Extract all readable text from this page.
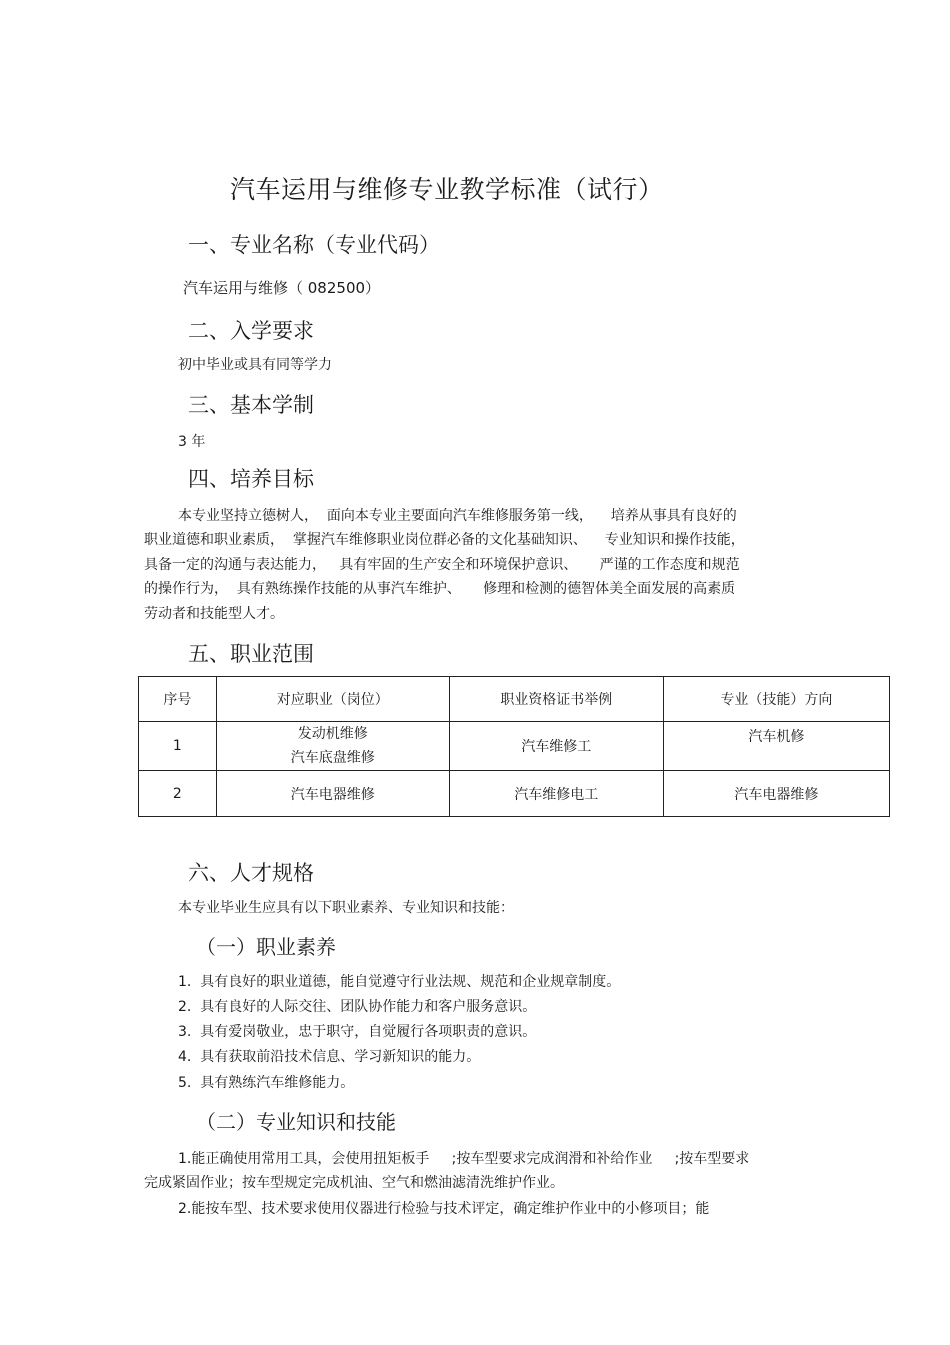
汽车运用与维修专业教学标准（试行）
一、专业名称（专业代码）
汽车运用与维修（ 082500）
二、入学要求
初中毕业或具有同等学力
三、基本学制
3 年
四、培养目标
本专业坚持立德树人，  面向本专业主要面向汽车维修服务第一线，    培养从事具有良好的
职业道德和职业素质，  掌握汽车维修职业岗位群必备的文化基础知识、    专业知识和操作技能，
具备一定的沟通与表达能力，   具有牢固的生产安全和环境保护意识、     严谨的工作态度和规范
的操作行为，  具有熟练操作技能的从事汽车维护、     修理和检测的德智体美全面发展的高素质
劳动者和技能型人才。
五、职业范围
序号	对应职业（岗位）	职业资格证书举例	专业（技能）方向
1	发动机维修
汽车底盘维修	汽车维修工	汽车机修

2	汽车电器维修	汽车维修电工	汽车电器维修
六、人才规格
本专业毕业生应具有以下职业素养、专业知识和技能：
（一）职业素养
1.  具有良好的职业道德，能自觉遵守行业法规、规范和企业规章制度。
2.  具有良好的人际交往、团队协作能力和客户服务意识。
3.  具有爱岗敬业，忠于职守，自觉履行各项职责的意识。
4.  具有获取前沿技术信息、学习新知识的能力。
5.  具有熟练汽车维修能力。
（二）专业知识和技能
1.能正确使用常用工具，会使用扭矩板手     ;按车型要求完成润滑和补给作业     ;按车型要求
完成紧固作业；按车型规定完成机油、空气和燃油滤清洗维护作业。
2.能按车型、技术要求使用仪器进行检验与技术评定，确定维护作业中的小修项目；能
